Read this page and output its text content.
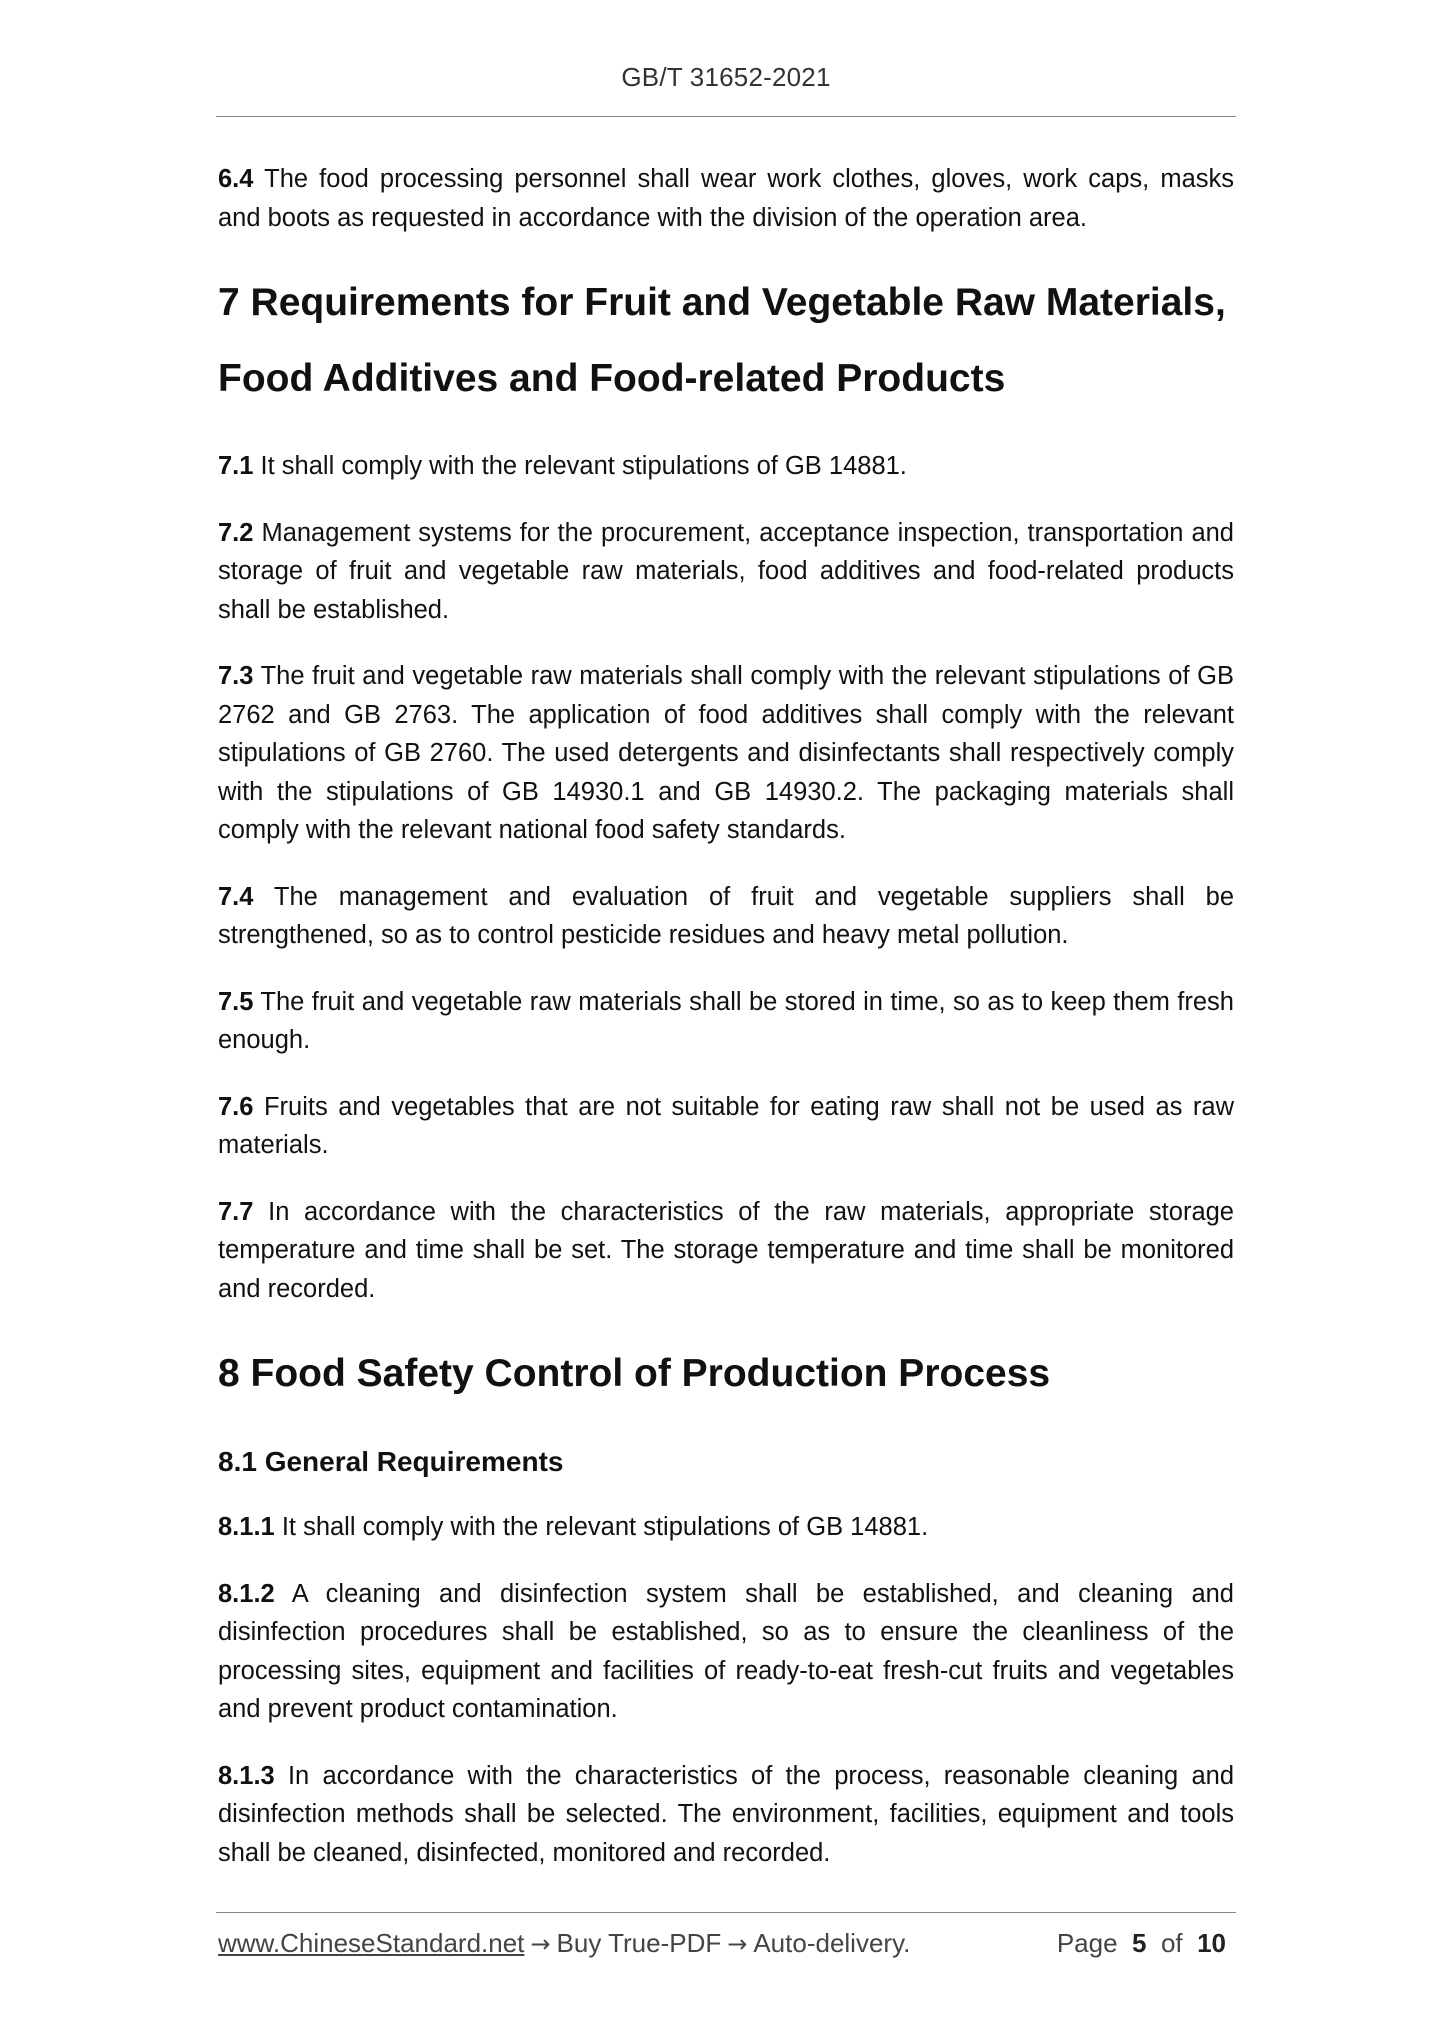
GB/T 31652-2021

6.4 The food processing personnel shall wear work clothes, gloves, work caps, masks and boots as requested in accordance with the division of the operation area.

7 Requirements for Fruit and Vegetable Raw Materials, Food Additives and Food-related Products

7.1 It shall comply with the relevant stipulations of GB 14881.

7.2 Management systems for the procurement, acceptance inspection, transportation and storage of fruit and vegetable raw materials, food additives and food-related products shall be established.

7.3 The fruit and vegetable raw materials shall comply with the relevant stipulations of GB 2762 and GB 2763. The application of food additives shall comply with the relevant stipulations of GB 2760. The used detergents and disinfectants shall respectively comply with the stipulations of GB 14930.1 and GB 14930.2. The packaging materials shall comply with the relevant national food safety standards.

7.4 The management and evaluation of fruit and vegetable suppliers shall be strengthened, so as to control pesticide residues and heavy metal pollution.

7.5 The fruit and vegetable raw materials shall be stored in time, so as to keep them fresh enough.

7.6 Fruits and vegetables that are not suitable for eating raw shall not be used as raw materials.

7.7 In accordance with the characteristics of the raw materials, appropriate storage temperature and time shall be set. The storage temperature and time shall be monitored and recorded.

8 Food Safety Control of Production Process
8.1 General Requirements

8.1.1 It shall comply with the relevant stipulations of GB 14881.

8.1.2 A cleaning and disinfection system shall be established, and cleaning and disinfection procedures shall be established, so as to ensure the cleanliness of the processing sites, equipment and facilities of ready-to-eat fresh-cut fruits and vegetables and prevent product contamination.

8.1.3 In accordance with the characteristics of the process, reasonable cleaning and disinfection methods shall be selected. The environment, facilities, equipment and tools shall be cleaned, disinfected, monitored and recorded.

www.ChineseStandard.net → Buy True-PDF → Auto-delivery.	Page 5 of 10
